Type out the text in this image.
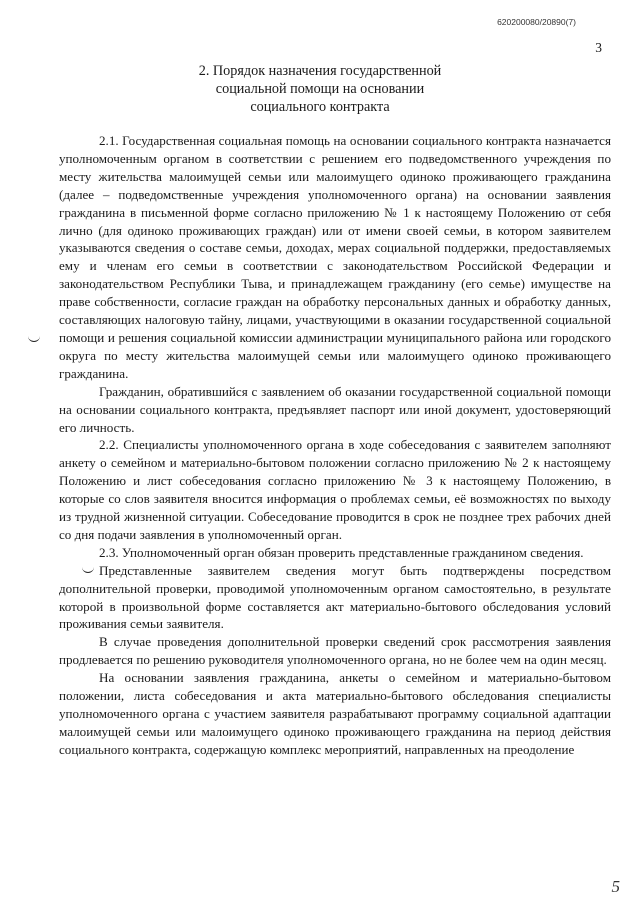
620200080/20890(7)
3
2. Порядок назначения государственной
социальной помощи на основании
социального контракта

2.1. Государственная социальная помощь на основании социального контракта назначается уполномоченным органом в соответствии с решением его подведомственного учреждения по месту жительства малоимущей семьи или малоимущего одиноко проживающего гражданина (далее – подведомственные учреждения уполномоченного органа) на основании заявления гражданина в письменной форме согласно приложению № 1 к настоящему Положению от себя лично (для одиноко проживающих граждан) или от имени своей семьи, в котором заявителем указываются сведения о составе семьи, доходах, мерах социальной поддержки, предоставляемых ему и членам его семьи в соответствии с законодательством Российской Федерации и законодательством Республики Тыва, и принадлежащем гражданину (его семье) имуществе на праве собственности, согласие граждан на обработку персональных данных и обработку данных, составляющих налоговую тайну, лицами, участвующими в оказании государственной социальной помощи и решения социальной комиссии администрации муниципального района или городского округа по месту жительства малоимущей семьи или малоимущего одиноко проживающего гражданина.

Гражданин, обратившийся с заявлением об оказании государственной социальной помощи на основании социального контракта, предъявляет паспорт или иной документ, удостоверяющий его личность.

2.2. Специалисты уполномоченного органа в ходе собеседования с заявителем заполняют анкету о семейном и материально-бытовом положении согласно приложению № 2 к настоящему Положению и лист собеседования согласно приложению № 3 к настоящему Положению, в которые со слов заявителя вносится информация о проблемах семьи, её возможностях по выходу из трудной жизненной ситуации. Собеседование проводится в срок не позднее трех рабочих дней со дня подачи заявления в уполномоченный орган.

2.3. Уполномоченный орган обязан проверить представленные гражданином сведения.

Представленные заявителем сведения могут быть подтверждены посредством дополнительной проверки, проводимой уполномоченным органом самостоятельно, в результате которой в произвольной форме составляется акт материально-бытового обследования условий проживания семьи заявителя.

В случае проведения дополнительной проверки сведений срок рассмотрения заявления продлевается по решению руководителя уполномоченного органа, но не более чем на один месяц.

На основании заявления гражданина, анкеты о семейном и материально-бытовом положении, листа собеседования и акта материально-бытового обследования специалисты уполномоченного органа с участием заявителя разрабатывают программу социальной адаптации малоимущей семьи или малоимущего одиноко проживающего гражданина на период действия социального контракта, содержащую комплекс мероприятий, направленных на преодоление

5
